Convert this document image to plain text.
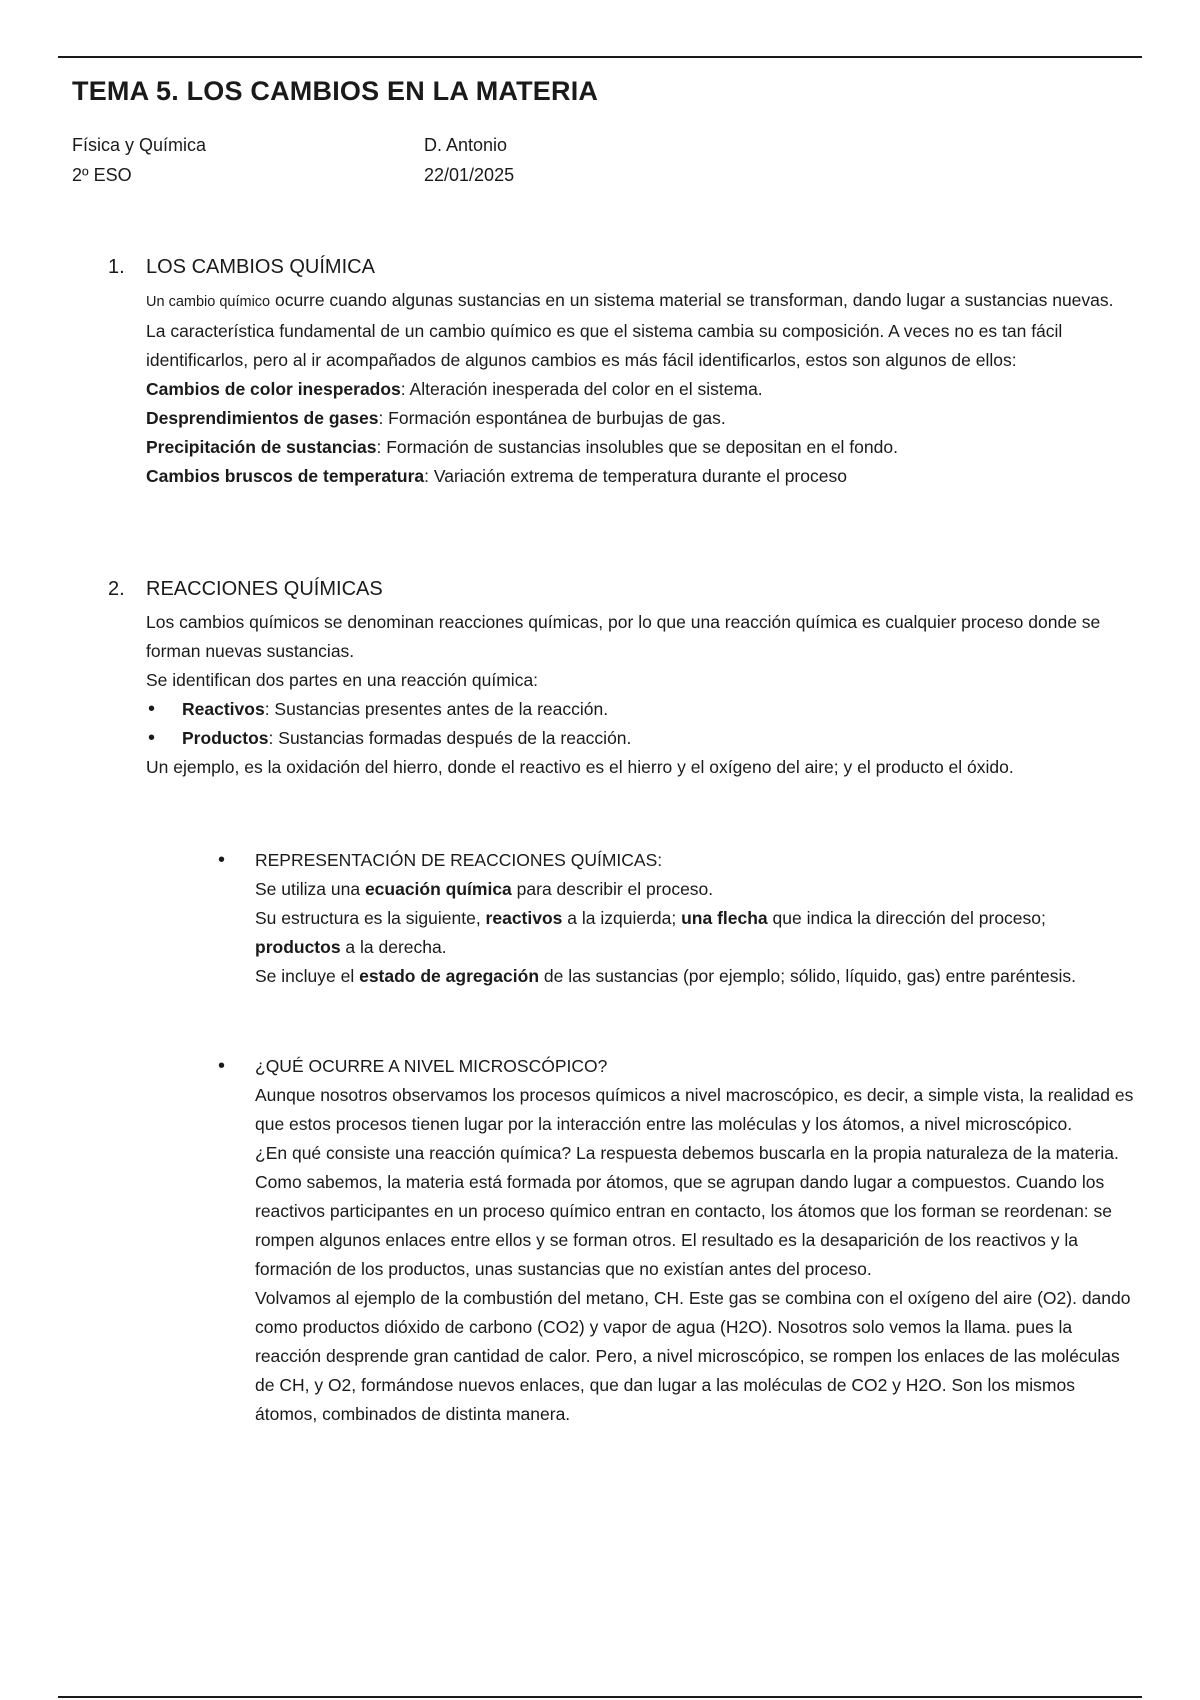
TEMA 5. LOS CAMBIOS EN LA MATERIA
Física y Química
2º ESO
D. Antonio
22/01/2025
1. LOS CAMBIOS QUÍMICA

Un cambio químico ocurre cuando algunas sustancias en un sistema material se transforman, dando lugar a sustancias nuevas. La característica fundamental de un cambio químico es que el sistema cambia su composición. A veces no es tan fácil identificarlos, pero al ir acompañados de algunos cambios es más fácil identificarlos, estos son algunos de ellos:

Cambios de color inesperados: Alteración inesperada del color en el sistema.

Desprendimientos de gases: Formación espontánea de burbujas de gas.

Precipitación de sustancias: Formación de sustancias insolubles que se depositan en el fondo.

Cambios bruscos de temperatura: Variación extrema de temperatura durante el proceso

2. REACCIONES QUÍMICAS

Los cambios químicos se denominan reacciones químicas, por lo que una reacción química es cualquier proceso donde se forman nuevas sustancias.

Se identifican dos partes en una reacción química:

• Reactivos: Sustancias presentes antes de la reacción.
• Productos: Sustancias formadas después de la reacción.

Un ejemplo, es la oxidación del hierro, donde el reactivo es el hierro y el oxígeno del aire; y el producto el óxido.

• REPRESENTACIÓN DE REACCIONES QUÍMICAS:

Se utiliza una ecuación química para describir el proceso.

Su estructura es la siguiente, reactivos a la izquierda; una flecha que indica la dirección del proceso; productos a la derecha.

Se incluye el estado de agregación de las sustancias (por ejemplo; sólido, líquido, gas) entre paréntesis.

• ¿QUÉ OCURRE A NIVEL MICROSCÓPICO?

Aunque nosotros observamos los procesos químicos a nivel macroscópico, es decir, a simple vista, la realidad es que estos procesos tienen lugar por la interacción entre las moléculas y los átomos, a nivel microscópico.

¿En qué consiste una reacción química? La respuesta debemos buscarla en la propia naturaleza de la materia. Como sabemos, la materia está formada por átomos, que se agrupan dando lugar a compuestos. Cuando los reactivos participantes en un proceso químico entran en contacto, los átomos que los forman se reordenan: se rompen algunos enlaces entre ellos y se forman otros. El resultado es la desaparición de los reactivos y la formación de los productos, unas sustancias que no existían antes del proceso.

Volvamos al ejemplo de la combustión del metano, CH. Este gas se combina con el oxígeno del aire (O2). dando como productos dióxido de carbono (CO2) y vapor de agua (H2O). Nosotros solo vemos la llama. pues la reacción desprende gran cantidad de calor. Pero, a nivel microscópico, se rompen los enlaces de las moléculas de CH, y O2, formándose nuevos enlaces, que dan lugar a las moléculas de CO2 y H2O. Son los mismos átomos, combinados de distinta manera.
